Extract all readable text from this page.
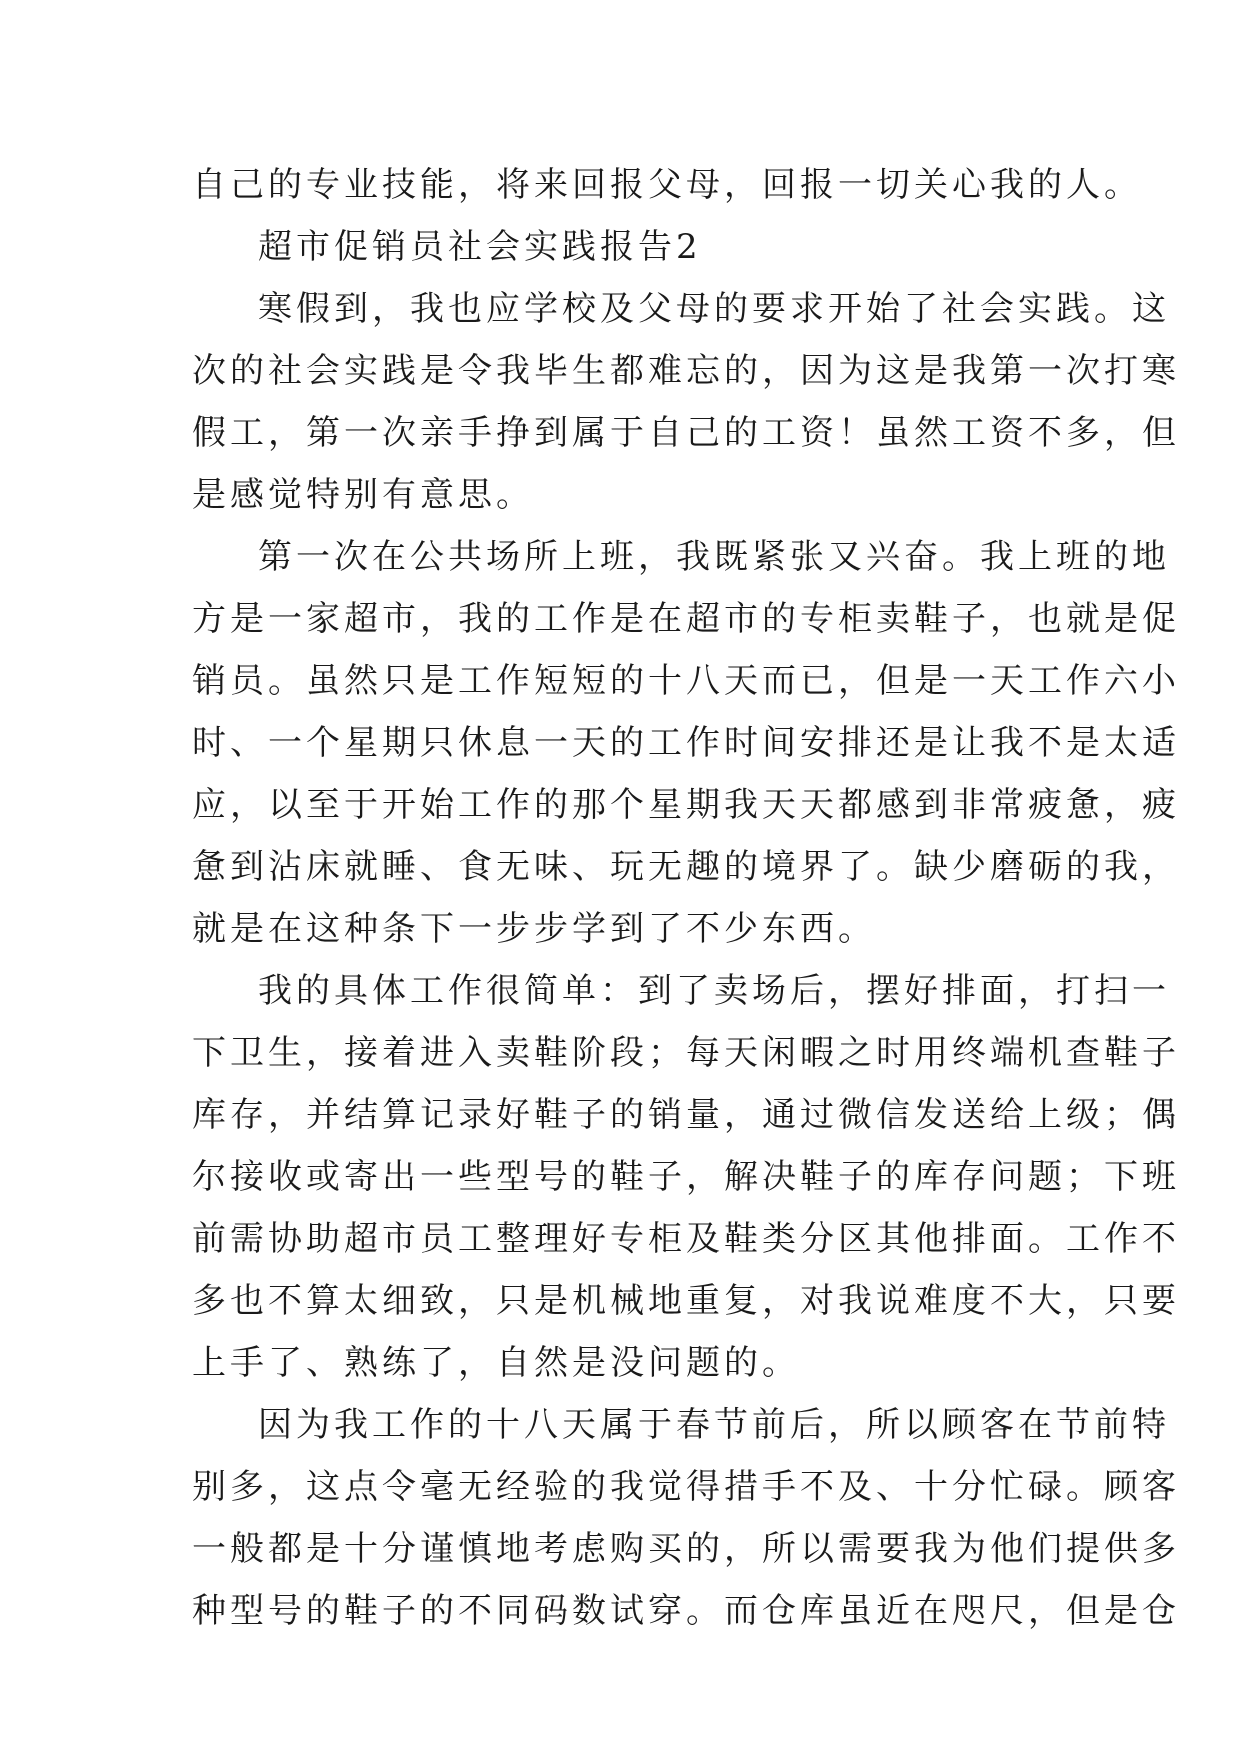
自己的专业技能，将来回报父母，回报一切关心我的人。
超市促销员社会实践报告2
寒假到，我也应学校及父母的要求开始了社会实践。这
次的社会实践是令我毕生都难忘的，因为这是我第一次打寒
假工，第一次亲手挣到属于自己的工资！虽然工资不多，但
是感觉特别有意思。
第一次在公共场所上班，我既紧张又兴奋。我上班的地
方是一家超市，我的工作是在超市的专柜卖鞋子，也就是促
销员。虽然只是工作短短的十八天而已，但是一天工作六小
时、一个星期只休息一天的工作时间安排还是让我不是太适
应，以至于开始工作的那个星期我天天都感到非常疲惫，疲
惫到沾床就睡、食无味、玩无趣的境界了。缺少磨砺的我，
就是在这种条下一步步学到了不少东西。
我的具体工作很简单：到了卖场后，摆好排面，打扫一
下卫生，接着进入卖鞋阶段；每天闲暇之时用终端机查鞋子
库存，并结算记录好鞋子的销量，通过微信发送给上级；偶
尔接收或寄出一些型号的鞋子，解决鞋子的库存问题；下班
前需协助超市员工整理好专柜及鞋类分区其他排面。工作不
多也不算太细致，只是机械地重复，对我说难度不大，只要
上手了、熟练了，自然是没问题的。
因为我工作的十八天属于春节前后，所以顾客在节前特
别多，这点令毫无经验的我觉得措手不及、十分忙碌。顾客
一般都是十分谨慎地考虑购买的，所以需要我为他们提供多
种型号的鞋子的不同码数试穿。而仓库虽近在咫尺，但是仓
